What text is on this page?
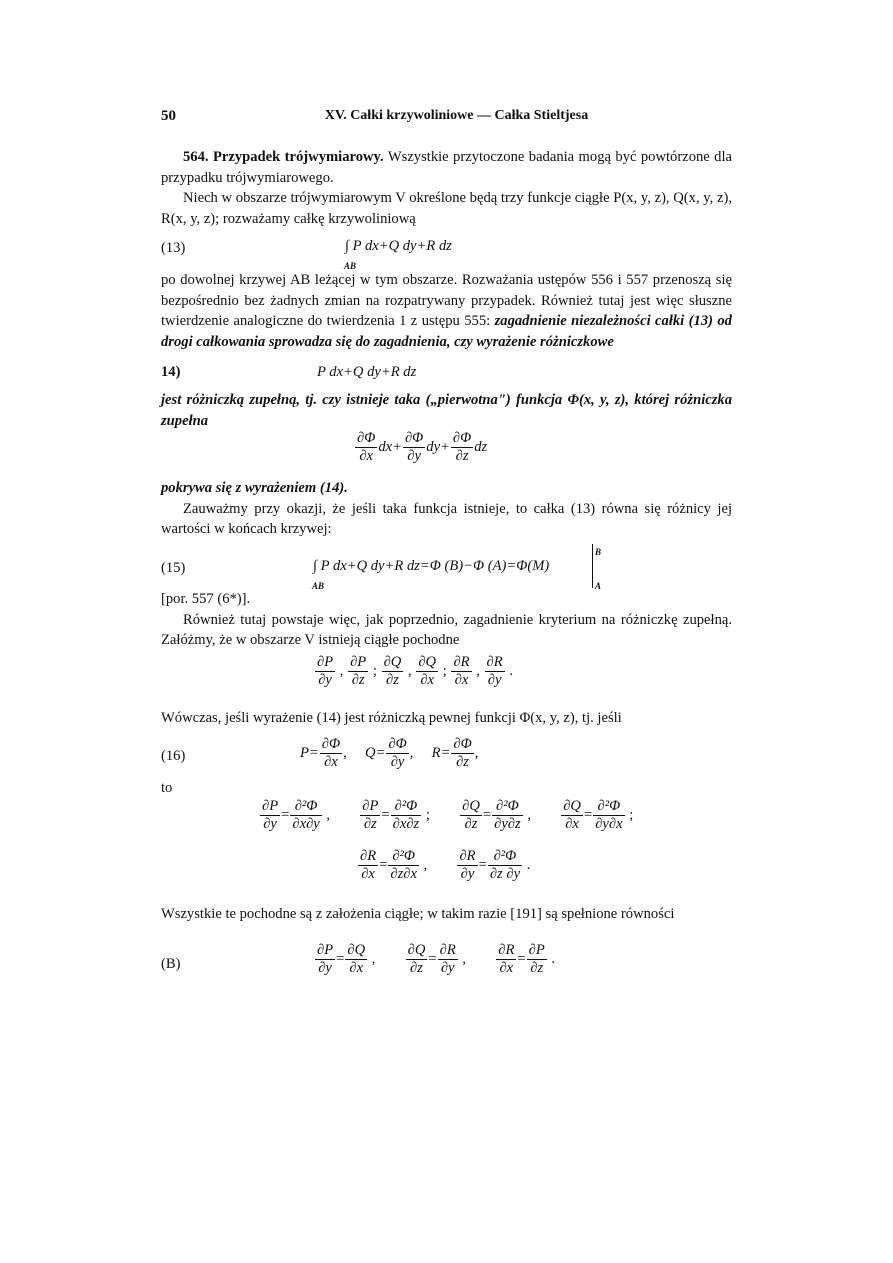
50	XV. Całki krzywoliniowe — Całka Stieltjesa

564. Przypadek trójwymiarowy. Wszystkie przytoczone badania mogą być powtórzone dla przypadku trójwymiarowego.

Niech w obszarze trójwymiarowym V określone będą trzy funkcje ciągłe P(x, y, z), Q(x, y, z), R(x, y, z); rozważamy całkę krzywoliniową

(13)	∫ P dx+Q dy+R dz
AB

po dowolnej krzywej AB leżącej w tym obszarze. Rozważania ustępów 556 i 557 przenoszą się bezpośrednio bez żadnych zmian na rozpatrywany przypadek. Również tutaj jest więc słuszne twierdzenie analogiczne do twierdzenia 1 z ustępu 555: zagadnienie niezależności całki (13) od drogi całkowania sprowadza się do zagadnienia, czy wyrażenie różniczkowe

14)	P dx+Q dy+R dz

jest różniczką zupełną, tj. czy istnieje taka („pierwotna") funkcja Φ(x, y, z), której różniczka zupełna

$\frac{\partial\Phi}{\partial x} dx+ \frac{\partial\Phi}{\partial y} dy+ \frac{\partial\Phi}{\partial z}$ dz

pokrywa się z wyrażeniem (14).

Zauważmy przy okazji, że jeśli taka funkcja istnieje, to całka (13) równa się różnicy jej wartości w końcach krzywej:

(15)	∫ P dx+Q dy+R dz=Φ (B)−Φ (A)=Φ(M)
B
A
AB

[por. 557 (6*)].

Również tutaj powstaje więc, jak poprzednio, zagadnienie kryterium na różniczkę zupełną. Załóżmy, że w obszarze V istnieją ciągłe pochodne

$\frac{\partial P}{\partial y}$ , $\frac{\partial P}{\partial z}$ ; $\frac{\partial Q}{\partial z}$ , $\frac{\partial Q}{\partial x}$ ; $\frac{\partial R}{\partial x}$ , $\frac{\partial R}{\partial y}$ .

Wówczas, jeśli wyrażenie (14) jest różniczką pewnej funkcji Φ(x, y, z), tj. jeśli

(16)	$P= \frac{\partial\Phi}{\partial x}$ ,     $Q= \frac{\partial\Phi}{\partial y}$ ,     $R= \frac{\partial\Phi}{\partial z}$ ,
to
$\frac{\partial P}{\partial y} = \frac{\text{∂²Φ}}{\partial x\partial y}$ ,   $\frac{\partial P}{\partial z} = \frac{\text{∂²Φ}}{\partial x\partial z}$ ;   $\frac{\partial Q}{\partial z} = \frac{\text{∂²Φ}}{\partial y\partial z}$ ,   $\frac{\partial Q}{\partial x} = \frac{\text{∂²Φ}}{\partial y\partial x}$ ;
$\frac{\partial R}{\partial x} = \frac{\text{∂²Φ}}{\partial z\partial x}$ ,   $\frac{\partial R}{\partial y} = \frac{\text{∂²Φ}}{\partial z \partial y}$ .

Wszystkie te pochodne są z założenia ciągłe; w takim razie [191] są spełnione równości

(B)	$\frac{\partial P}{\partial y} = \frac{\partial Q}{\partial x}$ ,   $\frac{\partial Q}{\partial z} = \frac{\partial R}{\partial y}$ ,   $\frac{\partial R}{\partial x} = \frac{\partial P}{\partial z}$ .
